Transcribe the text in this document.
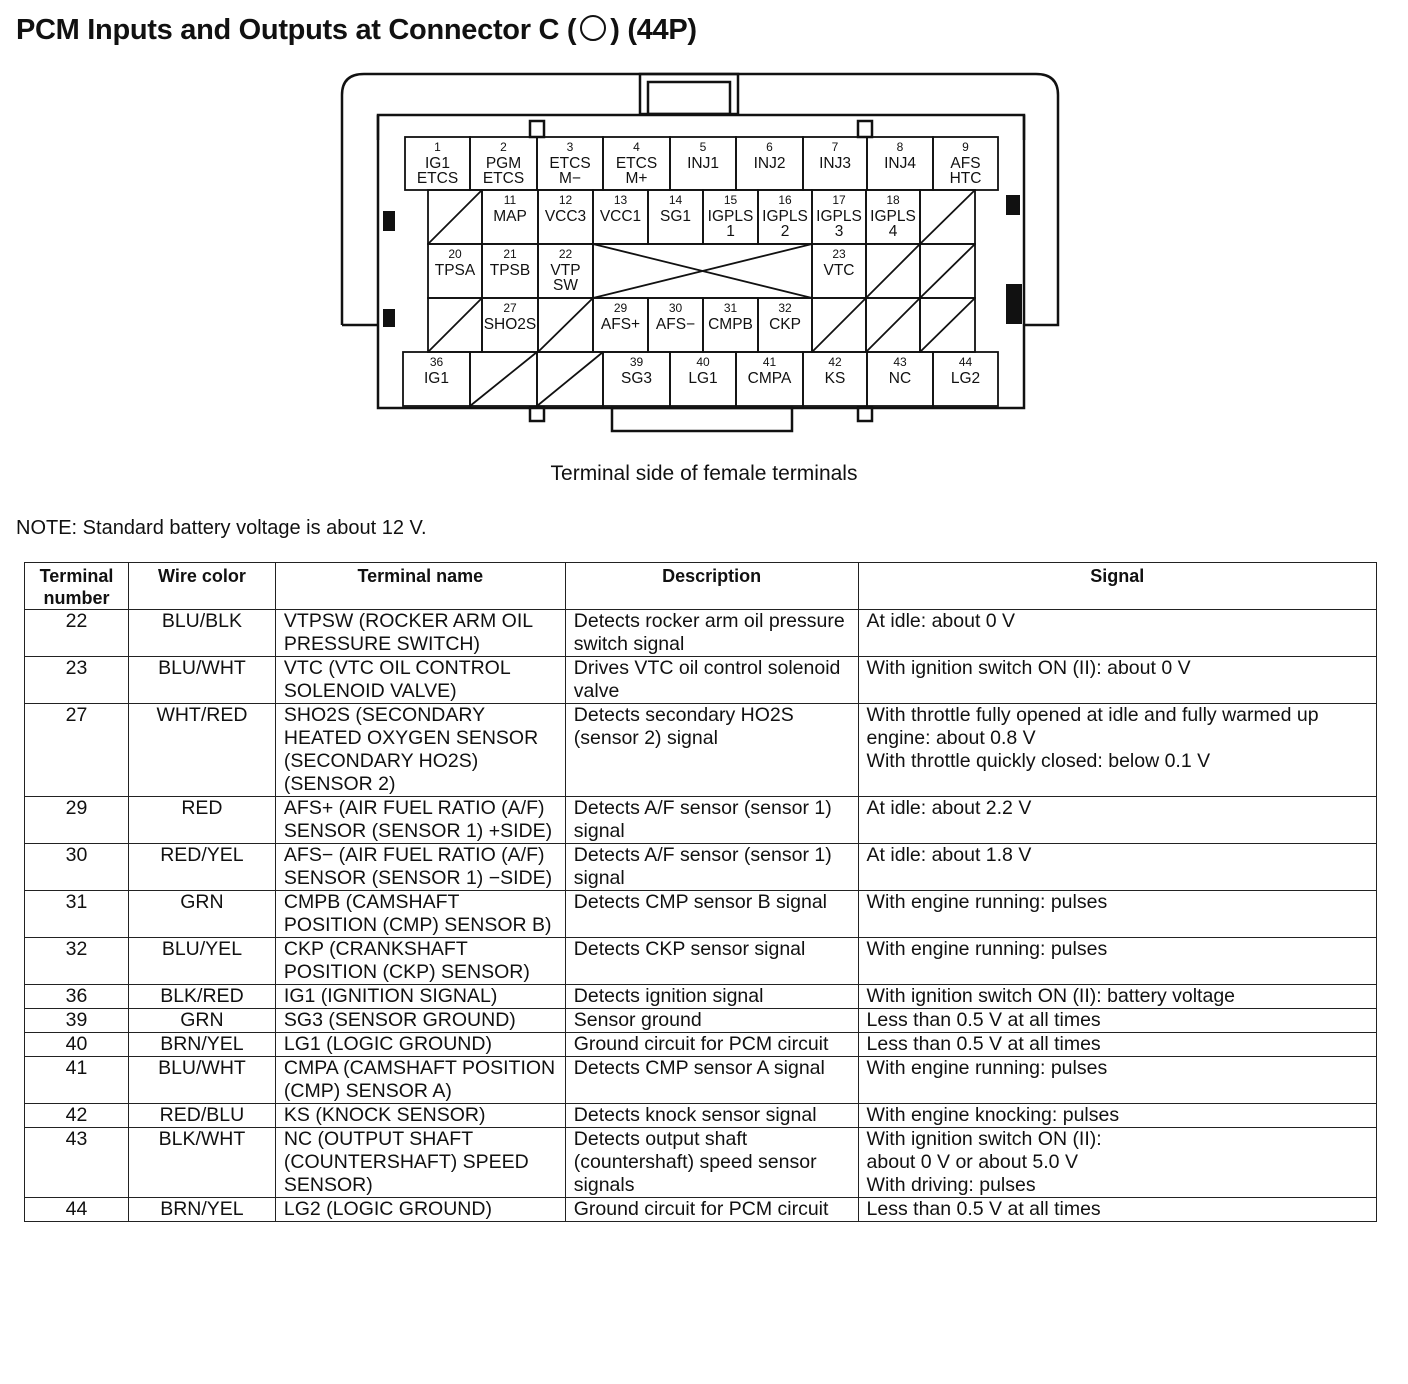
PCM Inputs and Outputs at Connector C ( ) (44P)
1
IG1
ETCS
2
PGM
ETCS
3
ETCS
M−
4
ETCS
M+
5
INJ1
6
INJ2
7
INJ3
8
INJ4
9
AFS
HTC
11
MAP
12
VCC3
13
VCC1
14
SG1
15
IGPLS
1
16
IGPLS
2
17
IGPLS
3
18
IGPLS
4
20
TPSA
21
TPSB
22
VTP
SW
23
VTC
27
SHO2S
29
AFS+
30
AFS−
31
CMPB
32
CKP
36
IG1
39
SG3
40
LG1
41
CMPA
42
KS
43
NC
44
LG2
Terminal side of female terminals
NOTE: Standard battery voltage is about 12 V.
Terminal number	Wire color	Terminal name	Description	Signal

22	BLU/BLK	VTPSW (ROCKER ARM OIL PRESSURE SWITCH)	Detects rocker arm oil pressure switch signal	At idle: about 0 V

23	BLU/WHT	VTC (VTC OIL CONTROL SOLENOID VALVE)	Drives VTC oil control solenoid valve	With ignition switch ON (II): about 0 V

27	WHT/RED	SHO2S (SECONDARY HEATED OXYGEN SENSOR (SECONDARY HO2S) (SENSOR 2)	Detects secondary HO2S (sensor 2) signal	With throttle fully opened at idle and fully warmed up engine: about 0.8 V
With throttle quickly closed: below 0.1 V

29	RED	AFS+ (AIR FUEL RATIO (A/F) SENSOR (SENSOR 1) +SIDE)	Detects A/F sensor (sensor 1) signal	At idle: about 2.2 V

30	RED/YEL	AFS− (AIR FUEL RATIO (A/F) SENSOR (SENSOR 1) −SIDE)	Detects A/F sensor (sensor 1) signal	At idle: about 1.8 V

31	GRN	CMPB (CAMSHAFT POSITION (CMP) SENSOR B)	Detects CMP sensor B signal	With engine running: pulses

32	BLU/YEL	CKP (CRANKSHAFT POSITION (CKP) SENSOR)	Detects CKP sensor signal	With engine running: pulses

36	BLK/RED	IG1 (IGNITION SIGNAL)	Detects ignition signal	With ignition switch ON (II): battery voltage

39	GRN	SG3 (SENSOR GROUND)	Sensor ground	Less than 0.5 V at all times

40	BRN/YEL	LG1 (LOGIC GROUND)	Ground circuit for PCM circuit	Less than 0.5 V at all times

41	BLU/WHT	CMPA (CAMSHAFT POSITION (CMP) SENSOR A)	Detects CMP sensor A signal	With engine running: pulses

42	RED/BLU	KS (KNOCK SENSOR)	Detects knock sensor signal	With engine knocking: pulses

43	BLK/WHT	NC (OUTPUT SHAFT (COUNTERSHAFT) SPEED SENSOR)	Detects output shaft (countershaft) speed sensor signals	With ignition switch ON (II):
about 0 V or about 5.0 V
With driving: pulses

44	BRN/YEL	LG2 (LOGIC GROUND)	Ground circuit for PCM circuit	Less than 0.5 V at all times
